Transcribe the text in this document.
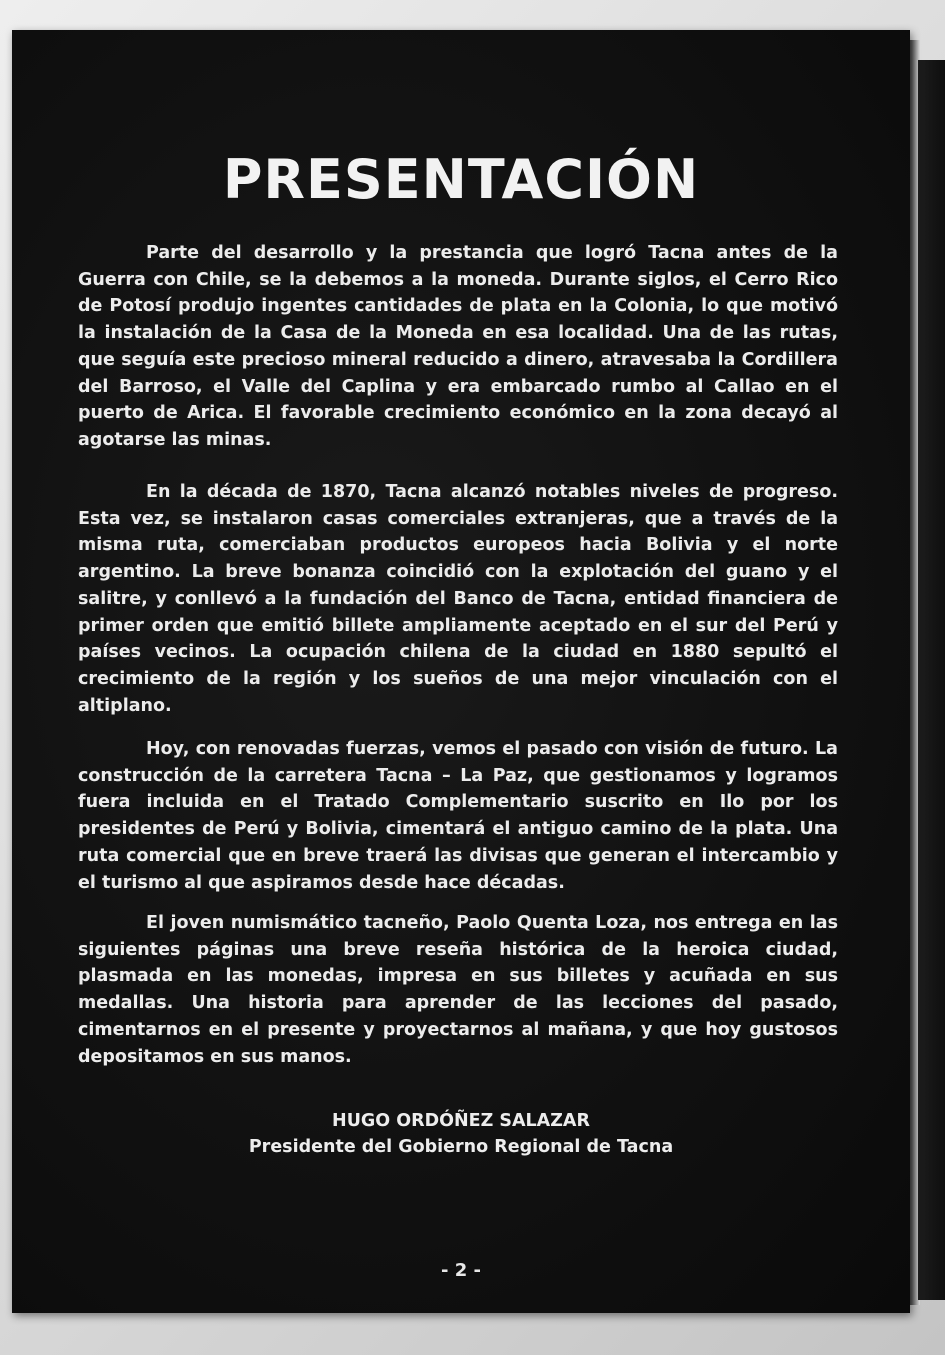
PRESENTACIÓN

Parte del desarrollo y la prestancia que logró Tacna antes de la Guerra con Chile, se la debemos a la moneda. Durante siglos, el Cerro Rico de Potosí produjo ingentes cantidades de plata en la Colonia, lo que motivó la instalación de la Casa de la Moneda en esa localidad. Una de las rutas, que seguía este precioso mineral reducido a dinero, atravesaba la Cordillera del Barroso, el Valle del Caplina y era embarcado rumbo al Callao en el puerto de Arica. El favorable crecimiento económico en la zona decayó al agotarse las minas.

En la década de 1870, Tacna alcanzó notables niveles de progreso. Esta vez, se instalaron casas comerciales extranjeras, que a través de la misma ruta, comerciaban productos europeos hacia Bolivia y el norte argentino. La breve bonanza coincidió con la explotación del guano y el salitre, y conllevó a la fundación del Banco de Tacna, entidad financiera de primer orden que emitió billete ampliamente aceptado en el sur del Perú y países vecinos. La ocupación chilena de la ciudad en 1880 sepultó el crecimiento de la región y los sueños de una mejor vinculación con el altiplano.

Hoy, con renovadas fuerzas, vemos el pasado con visión de futuro. La construcción de la carretera Tacna – La Paz, que gestionamos y logramos fuera incluida en el Tratado Complementario suscrito en Ilo por los presidentes de Perú y Bolivia, cimentará el antiguo camino de la plata. Una ruta comercial que en breve traerá las divisas que generan el intercambio y el turismo al que aspiramos desde hace décadas.

El joven numismático tacneño, Paolo Quenta Loza, nos entrega en las siguientes páginas una breve reseña histórica de la heroica ciudad, plasmada en las monedas, impresa en sus billetes y acuñada en sus medallas. Una historia para aprender de las lecciones del pasado, cimentarnos en el presente y proyectarnos al mañana, y que hoy gustosos depositamos en sus manos.

HUGO ORDÓÑEZ SALAZAR
Presidente del Gobierno Regional de Tacna
- 2 -
